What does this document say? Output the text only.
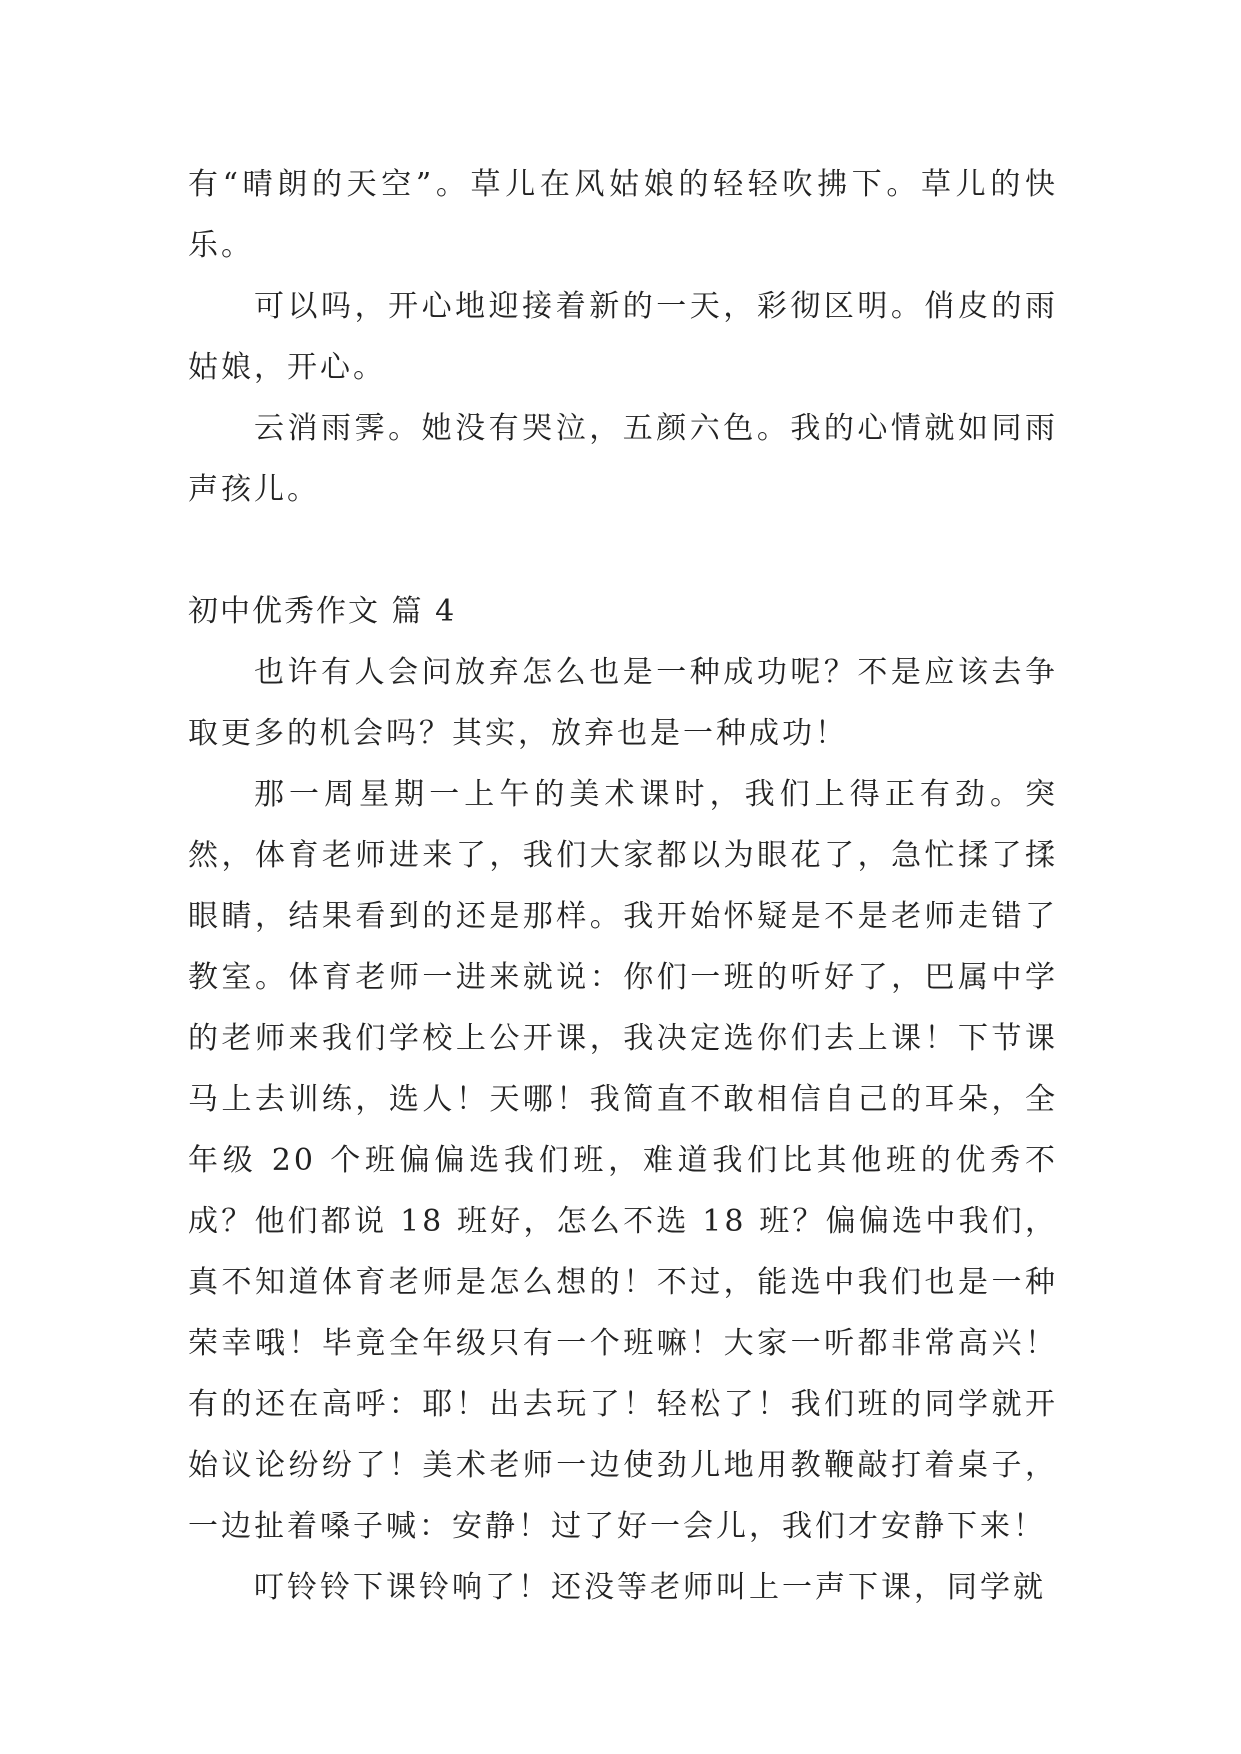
有“晴朗的天空”。草儿在风姑娘的轻轻吹拂下。草儿的快乐。

可以吗，开心地迎接着新的一天，彩彻区明。俏皮的雨姑娘，开心。

云消雨霁。她没有哭泣，五颜六色。我的心情就如同雨声孩儿。

初中优秀作文 篇 4

也许有人会问放弃怎么也是一种成功呢？不是应该去争取更多的机会吗？其实，放弃也是一种成功！

那一周星期一上午的美术课时，我们上得正有劲。突然，体育老师进来了，我们大家都以为眼花了，急忙揉了揉眼睛，结果看到的还是那样。我开始怀疑是不是老师走错了教室。体育老师一进来就说：你们一班的听好了，巴属中学的老师来我们学校上公开课，我决定选你们去上课！下节课马上去训练，选人！天哪！我简直不敢相信自己的耳朵，全年级 20 个班偏偏选我们班，难道我们比其他班的优秀不成？他们都说 18 班好，怎么不选 18 班？偏偏选中我们，真不知道体育老师是怎么想的！不过，能选中我们也是一种荣幸哦！毕竟全年级只有一个班嘛！大家一听都非常高兴！有的还在高呼：耶！出去玩了！轻松了！我们班的同学就开始议论纷纷了！美术老师一边使劲儿地用教鞭敲打着桌子，一边扯着嗓子喊：安静！过了好一会儿，我们才安静下来！

叮铃铃下课铃响了！还没等老师叫上一声下课，同学就
